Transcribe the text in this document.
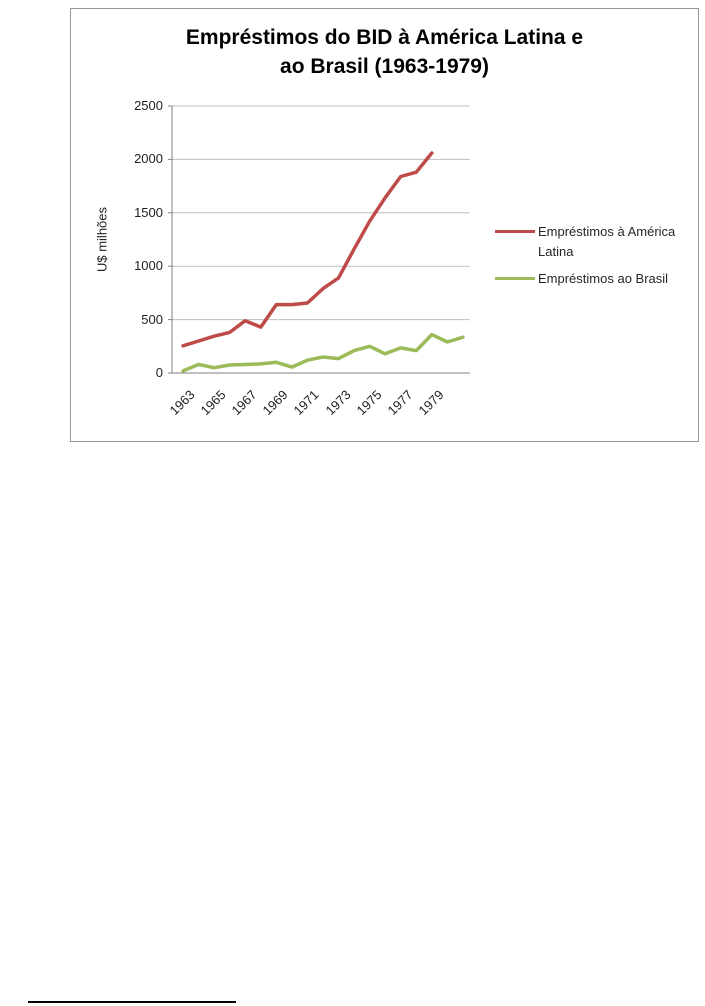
Empréstimos do BID à América Latina e
ao Brasil (1963-1979)
U$ milhões
0
500
1000
1500
2000
2500
1963 1965 1967 1969 1971 1973 1975 1977 1979
Empréstimos à América Latina
Empréstimos ao Brasil
